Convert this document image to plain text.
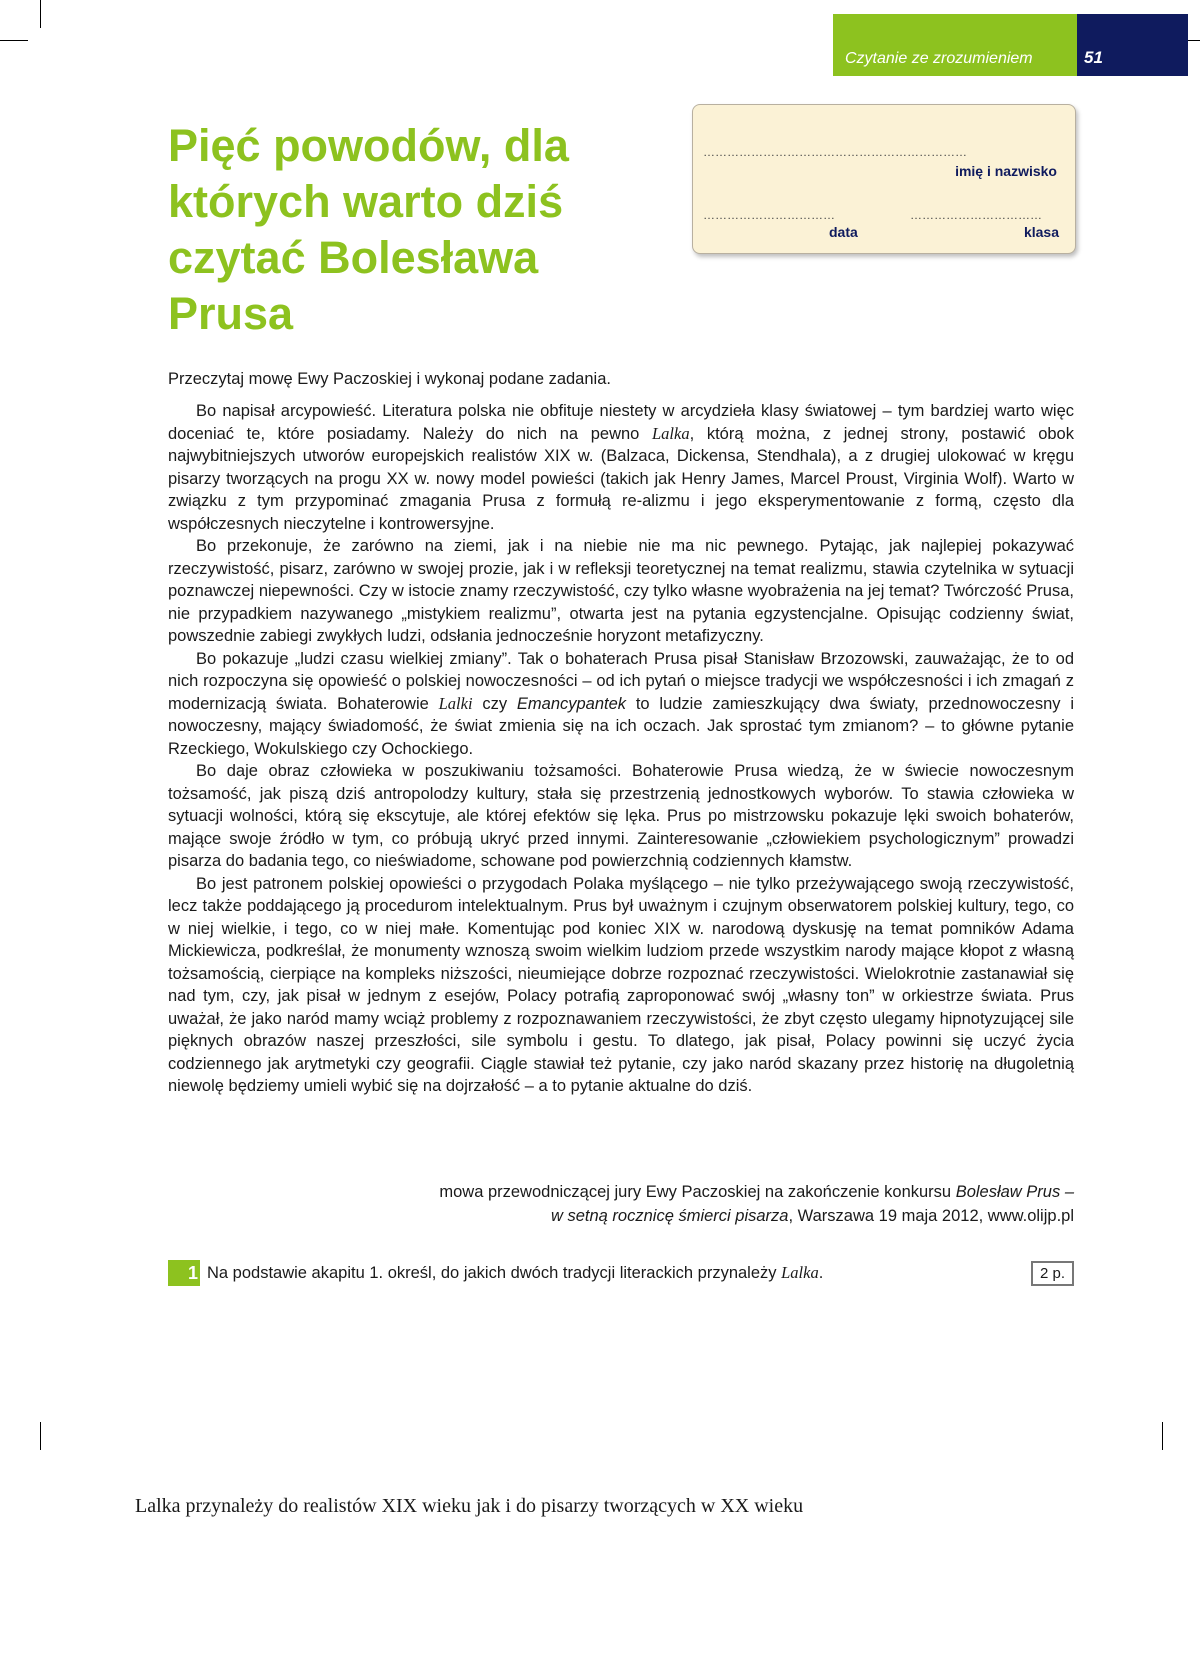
Czytanie ze zrozumieniem	51
Pięć powodów, dla których warto dziś czytać Bolesława Prusa
…………………………………………………………
imię i nazwisko
……………………………
data
……………………………
klasa

Przeczytaj mowę Ewy Paczoskiej i wykonaj podane zadania.

Bo napisał arcypowieść. Literatura polska nie obfituje niestety w arcydzieła klasy światowej – tym bardziej warto więc doceniać te, które posiadamy. Należy do nich na pewno Lalka, którą można, z jednej strony, postawić obok najwybitniejszych utworów europejskich realistów XIX w. (Balzaca, Dickensa, Stendhala), a z drugiej ulokować w kręgu pisarzy tworzących na progu XX w. nowy model powieści (takich jak Henry James, Marcel Proust, Virginia Wolf). Warto w związku z tym przypominać zmagania Prusa z formułą re-alizmu i jego eksperymentowanie z formą, często dla współczesnych nieczytelne i kontrowersyjne.

Bo przekonuje, że zarówno na ziemi, jak i na niebie nie ma nic pewnego. Pytając, jak najlepiej pokazywać rzeczywistość, pisarz, zarówno w swojej prozie, jak i w refleksji teoretycznej na temat realizmu, stawia czytelnika w sytuacji poznawczej niepewności. Czy w istocie znamy rzeczywistość, czy tylko własne wyobrażenia na jej temat? Twórczość Prusa, nie przypadkiem nazywanego „mistykiem realizmu”, otwarta jest na pytania egzystencjalne. Opisując codzienny świat, powszednie zabiegi zwykłych ludzi, odsłania jednocześnie horyzont metafizyczny.

Bo pokazuje „ludzi czasu wielkiej zmiany”. Tak o bohaterach Prusa pisał Stanisław Brzozowski, zauważając, że to od nich rozpoczyna się opowieść o polskiej nowoczesności – od ich pytań o miejsce tradycji we współczesności i ich zmagań z modernizacją świata. Bohaterowie Lalki czy Emancypantek to ludzie zamieszkujący dwa światy, przednowoczesny i nowoczesny, mający świadomość, że świat zmienia się na ich oczach. Jak sprostać tym zmianom? – to główne pytanie Rzeckiego, Wokulskiego czy Ochockiego.

Bo daje obraz człowieka w poszukiwaniu tożsamości. Bohaterowie Prusa wiedzą, że w świecie nowoczesnym tożsamość, jak piszą dziś antropolodzy kultury, stała się przestrzenią jednostkowych wyborów. To stawia człowieka w sytuacji wolności, którą się ekscytuje, ale której efektów się lęka. Prus po mistrzowsku pokazuje lęki swoich bohaterów, mające swoje źródło w tym, co próbują ukryć przed innymi. Zainteresowanie „człowiekiem psychologicznym” prowadzi pisarza do badania tego, co nieświadome, schowane pod powierzchnią codziennych kłamstw.

Bo jest patronem polskiej opowieści o przygodach Polaka myślącego – nie tylko przeżywającego swoją rzeczywistość, lecz także poddającego ją procedurom intelektualnym. Prus był uważnym i czujnym obserwatorem polskiej kultury, tego, co w niej wielkie, i tego, co w niej małe. Komentując pod koniec XIX w. narodową dyskusję na temat pomników Adama Mickiewicza, podkreślał, że monumenty wznoszą swoim wielkim ludziom przede wszystkim narody mające kłopot z własną tożsamością, cierpiące na kompleks niższości, nieumiejące dobrze rozpoznać rzeczywistości. Wielokrotnie zastanawiał się nad tym, czy, jak pisał w jednym z esejów, Polacy potrafią zaproponować swój „własny ton” w orkiestrze świata. Prus uważał, że jako naród mamy wciąż problemy z rozpoznawaniem rzeczywistości, że zbyt często ulegamy hipnotyzującej sile pięknych obrazów naszej przeszłości, sile symbolu i gestu. To dlatego, jak pisał, Polacy powinni się uczyć życia codziennego jak arytmetyki czy geografii. Ciągle stawiał też pytanie, czy jako naród skazany przez historię na długoletnią niewolę będziemy umieli wybić się na dojrzałość – a to pytanie aktualne do dziś.

mowa przewodniczącej jury Ewy Paczoskiej na zakończenie konkursu Bolesław Prus –
w setną rocznicę śmierci pisarza, Warszawa 19 maja 2012, www.olijp.pl
1 Na podstawie akapitu 1. określ, do jakich dwóch tradycji literackich przynależy Lalka.	2 p.
Lalka przynależy do realistów XIX wieku jak i do pisarzy tworzących w XX wieku
